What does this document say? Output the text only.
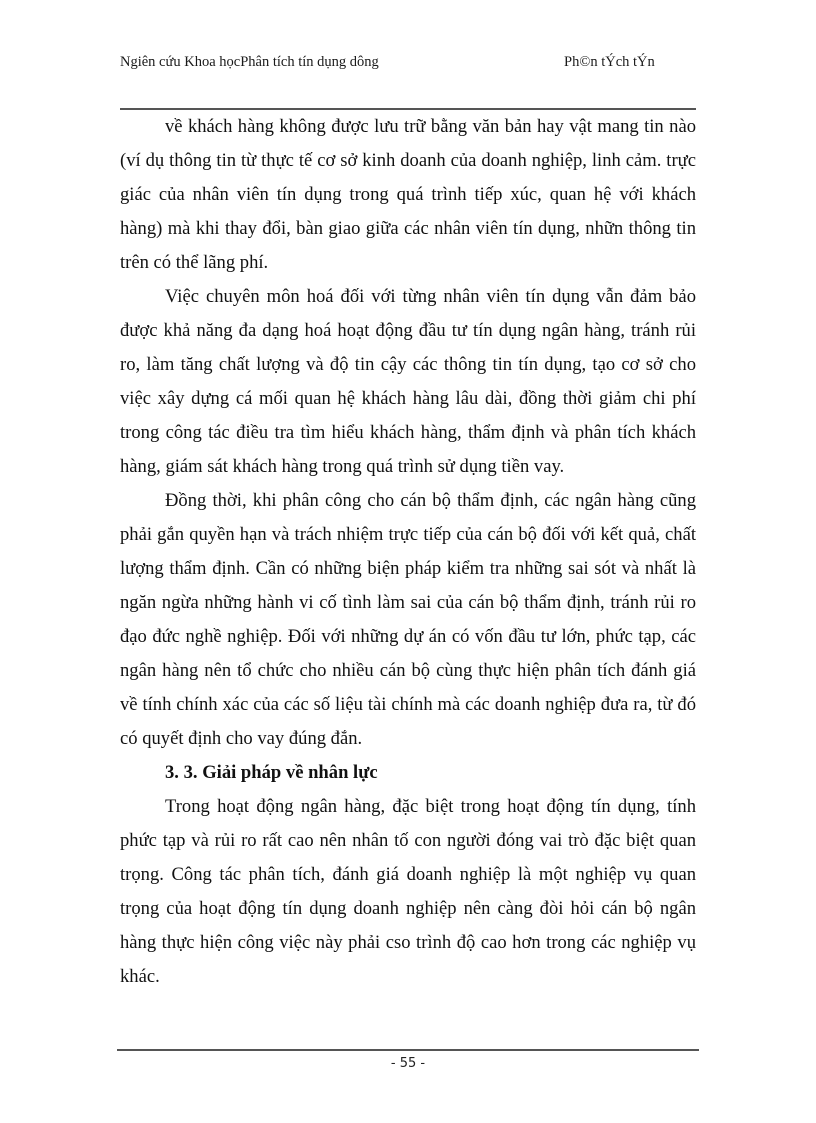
Ngiên cứu Khoa họcPhân tích tín dụng dông	Ph©n tÝch tÝn

về khách hàng không được lưu trữ bằng văn bản hay vật mang tin nào (ví dụ thông tin từ thực tế cơ sở kinh doanh của doanh nghiệp, linh cảm. trực giác của nhân viên tín dụng trong quá trình tiếp xúc, quan hệ với khách hàng) mà khi thay đổi, bàn giao giữa các nhân viên tín dụng, nhữn thông tin trên có thể lãng phí.

Việc chuyên môn hoá đối với từng nhân viên tín dụng vẫn đảm bảo được khả năng đa dạng hoá hoạt động đầu tư tín dụng ngân hàng, tránh rủi ro, làm tăng chất lượng và độ tin cậy các thông tin tín dụng, tạo cơ sở cho việc xây dựng cá mối quan hệ khách hàng lâu dài, đồng thời giảm chi phí trong công tác điều tra tìm hiểu khách hàng, thẩm định và phân tích khách hàng, giám sát khách hàng trong quá trình sử dụng tiền vay.

Đồng thời, khi phân công cho cán bộ thẩm định, các ngân hàng cũng phải gắn quyền hạn và trách nhiệm trực tiếp của cán bộ đối với kết quả, chất lượng thẩm định. Cần có những biện pháp kiểm tra những sai sót và nhất là ngăn ngừa những hành vi cố tình làm sai của cán bộ thẩm định, tránh rủi ro đạo đức nghề nghiệp. Đối với những dự án có vốn đầu tư lớn, phức tạp, các ngân hàng nên tổ chức cho nhiều cán bộ cùng thực hiện phân tích đánh giá về tính chính xác của các số liệu tài chính mà các doanh nghiệp đưa ra, từ đó có quyết định cho vay đúng đắn.

3. 3. Giải pháp về nhân lực

Trong hoạt động ngân hàng, đặc biệt trong hoạt động tín dụng, tính phức tạp và rủi ro rất cao nên nhân tố con người đóng vai trò đặc biệt quan trọng. Công tác phân tích, đánh giá doanh nghiệp là một nghiệp vụ quan trọng của hoạt động tín dụng doanh nghiệp nên càng đòi hỏi cán bộ ngân hàng thực hiện công việc này phải cso trình độ cao hơn trong các nghiệp vụ khác.

- 55 -
